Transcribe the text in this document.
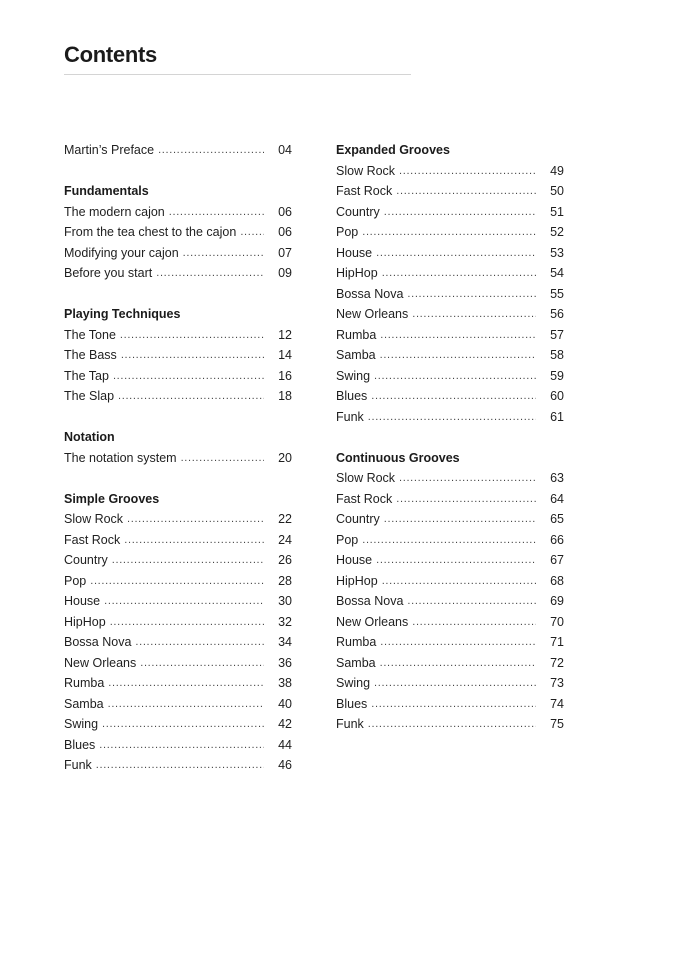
Contents
Martin’s Preface . . .	04
Fundamentals
The modern cajon . . .	06
From the tea chest to the cajon . . .	06
Modifying your cajon . . .	07
Before you start . . .	09
Playing Techniques
The Tone . . .	12
The Bass . . .	14
The Tap . . .	16
The Slap . . .	18
Notation
The notation system . . .	20
Simple Grooves
Slow Rock . . .	22
Fast Rock . . .	24
Country . . .	26
Pop . . .	28
House . . .	30
HipHop . . .	32
Bossa Nova . . .	34
New Orleans . . .	36
Rumba . . .	38
Samba . . .	40
Swing . . .	42
Blues . . .	44
Funk . . .	46
Expanded Grooves
Slow Rock . . .	49
Fast Rock . . .	50
Country . . .	51
Pop . . .	52
House . . .	53
HipHop . . .	54
Bossa Nova . . .	55
New Orleans . . .	56
Rumba . . .	57
Samba . . .	58
Swing . . .	59
Blues . . .	60
Funk . . .	61
Continuous Grooves
Slow Rock . . .	63
Fast Rock . . .	64
Country . . .	65
Pop . . .	66
House . . .	67
HipHop . . .	68
Bossa Nova . . .	69
New Orleans . . .	70
Rumba . . .	71
Samba . . .	72
Swing . . .	73
Blues . . .	74
Funk . . .	75
